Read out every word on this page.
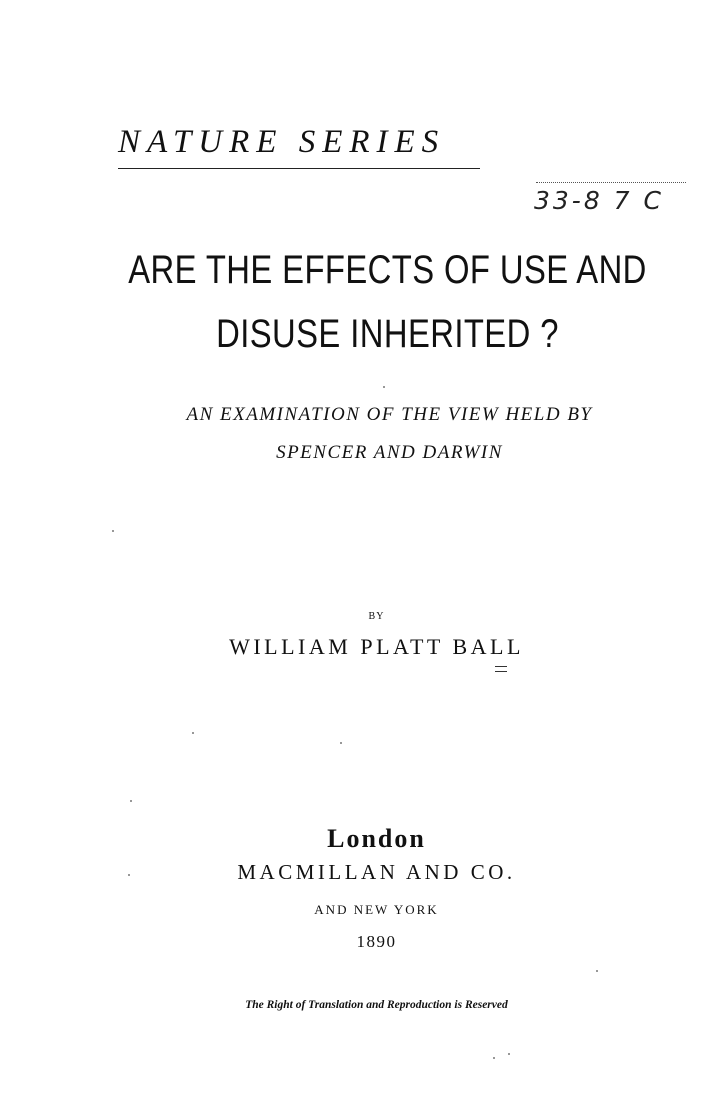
NATURE SERIES
33-8 7 C
ARE THE EFFECTS OF USE AND
DISUSE INHERITED ?
AN EXAMINATION OF THE VIEW HELD BY
SPENCER AND DARWIN
BY
WILLIAM PLATT BALL
London
MACMILLAN AND CO.
AND NEW YORK
1890
The Right of Translation and Reproduction is Reserved
